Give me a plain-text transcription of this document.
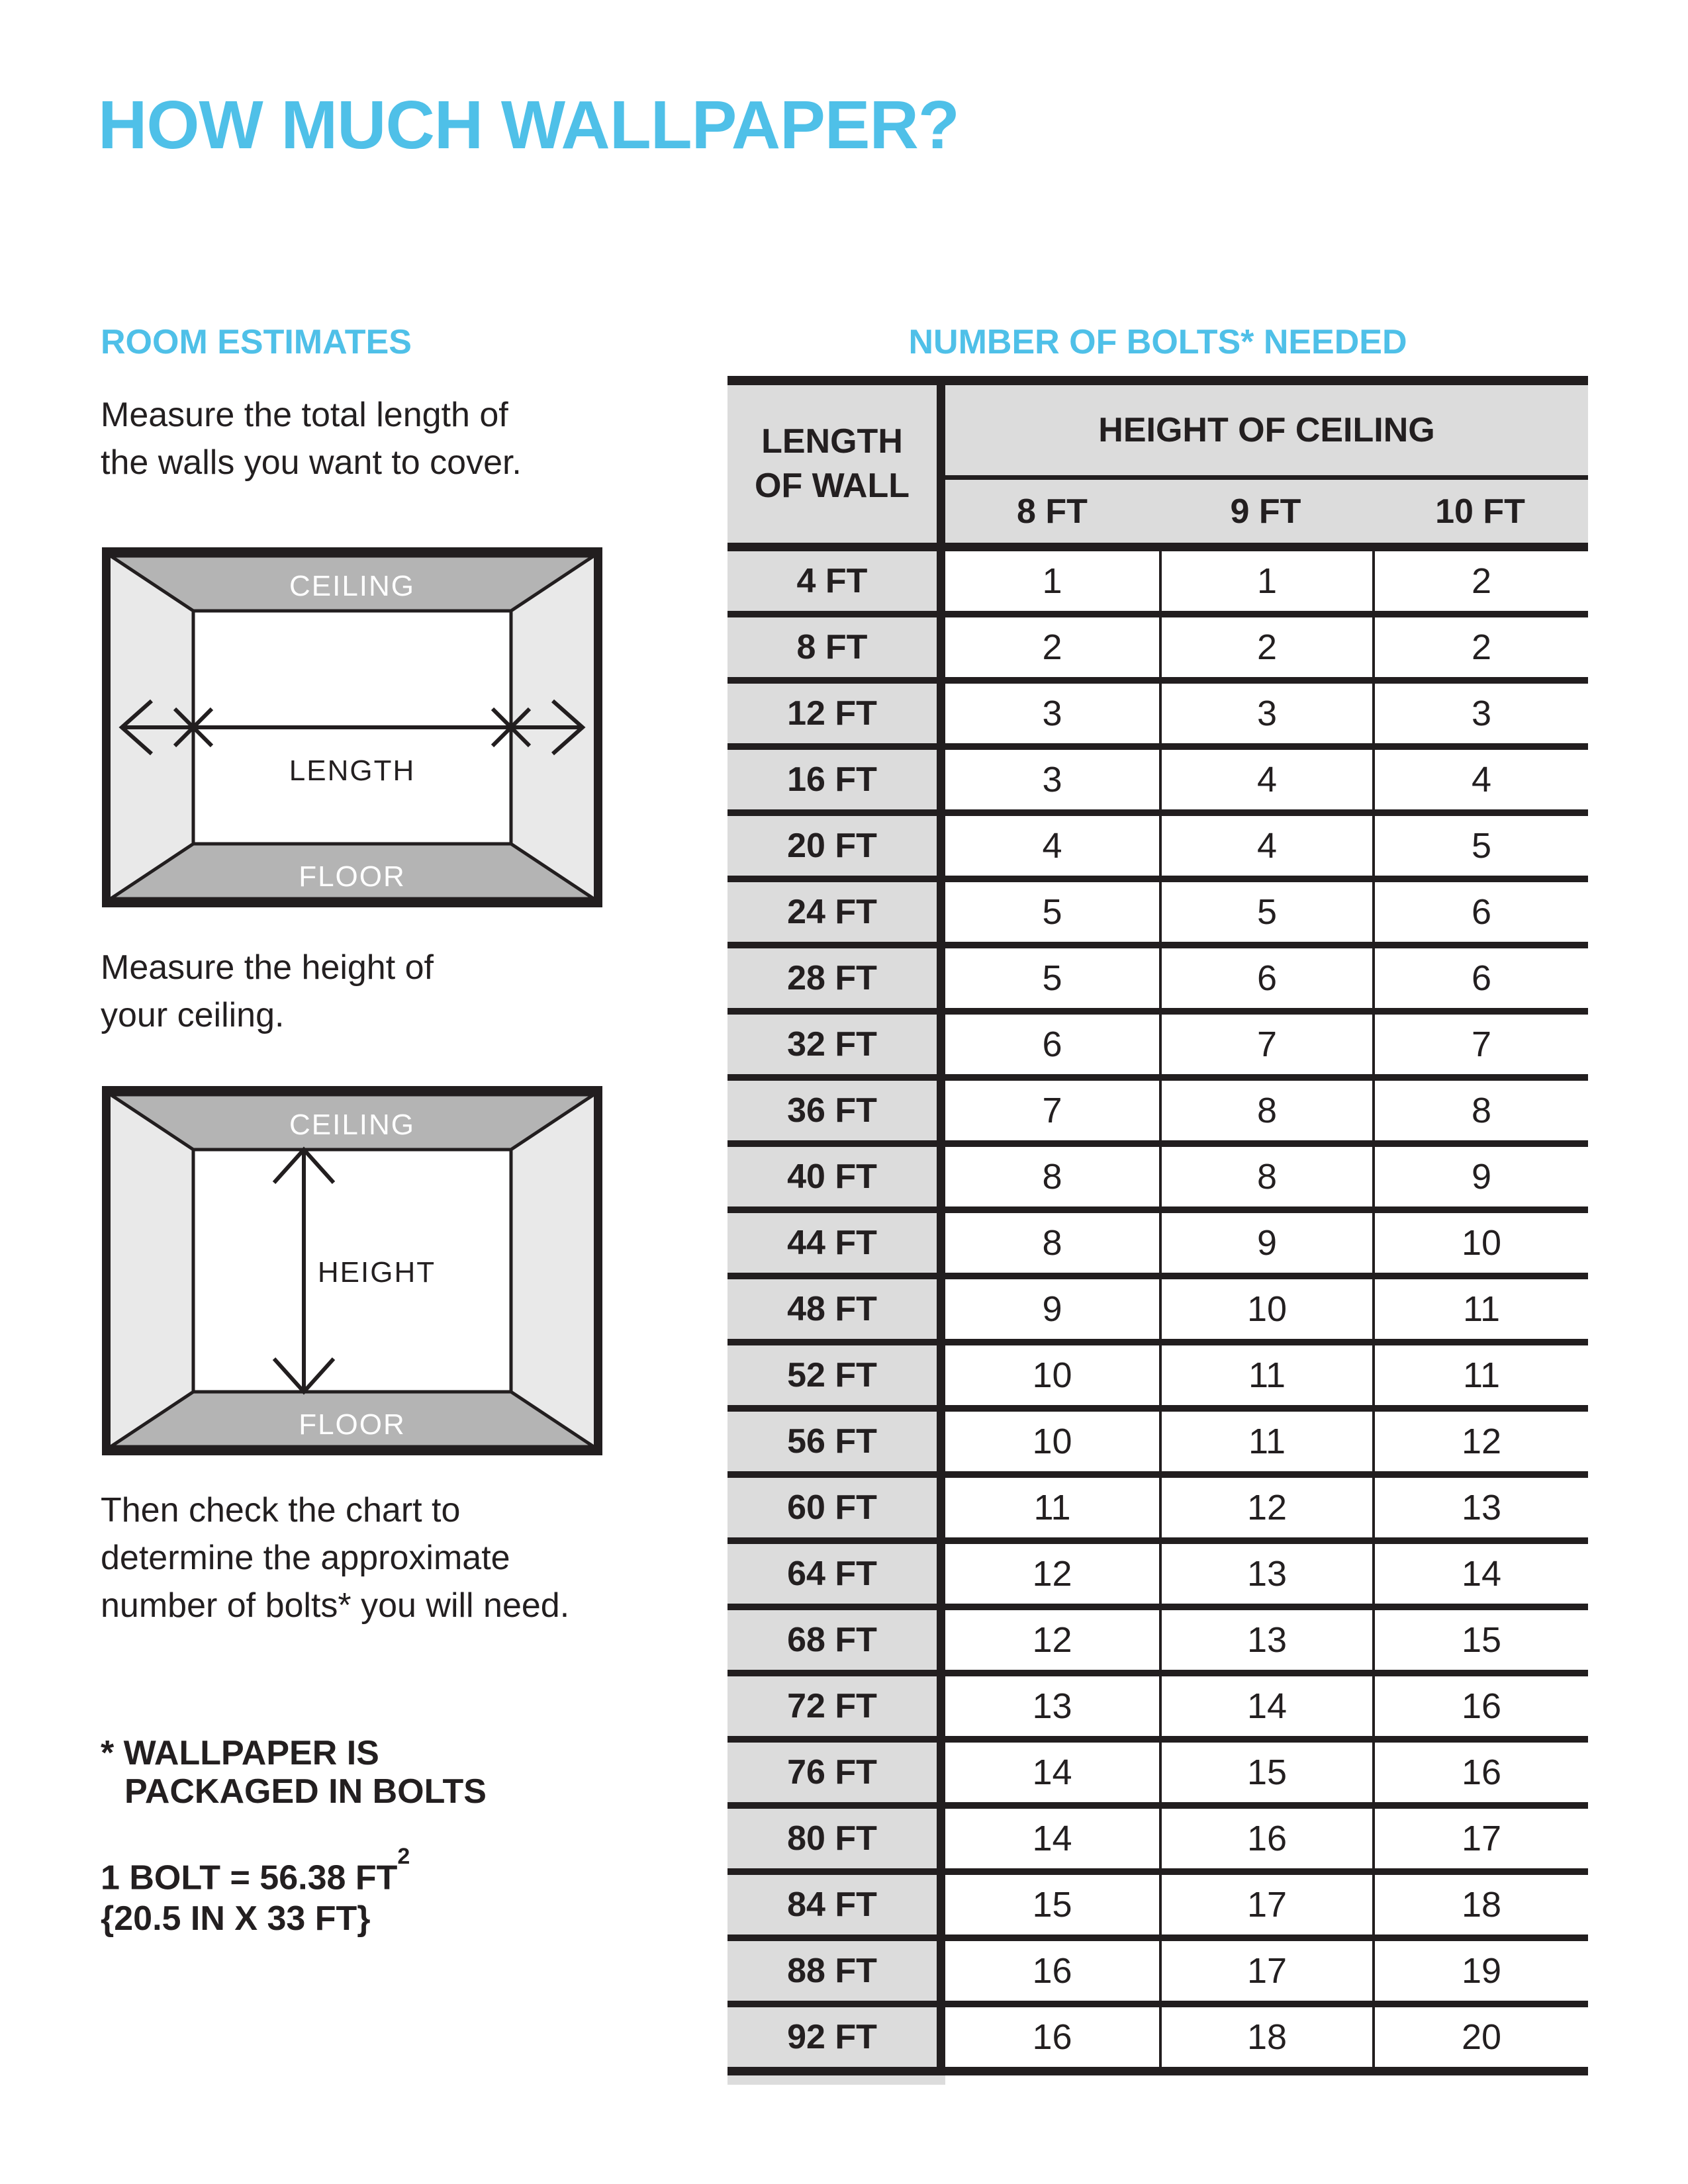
HOW MUCH WALLPAPER?
ROOM ESTIMATES	NUMBER OF BOLTS* NEEDED
Measure the total length of
the walls you want to cover.
CEILING
LENGTH
FLOOR
Measure the height of
your ceiling.
CEILING
HEIGHT
FLOOR
Then check the chart to
determine the approximate
number of bolts* you will need.
* WALLPAPER IS
PACKAGED IN BOLTS
1 BOLT = 56.38 $FT^2$
{20.5 IN X 33 FT}
LENGTH
OF WALL
HEIGHT OF CEILING
8 FT	9 FT	10 FT
4 FT	1	1	2
8 FT	2	2	2
12 FT	3	3	3
16 FT	3	4	4
20 FT	4	4	5
24 FT	5	5	6
28 FT	5	6	6
32 FT	6	7	7
36 FT	7	8	8
40 FT	8	8	9
44 FT	8	9	10
48 FT	9	10	11
52 FT	10	11	11
56 FT	10	11	12
60 FT	11	12	13
64 FT	12	13	14
68 FT	12	13	15
72 FT	13	14	16
76 FT	14	15	16
80 FT	14	16	17
84 FT	15	17	18
88 FT	16	17	19
92 FT	16	18	20
